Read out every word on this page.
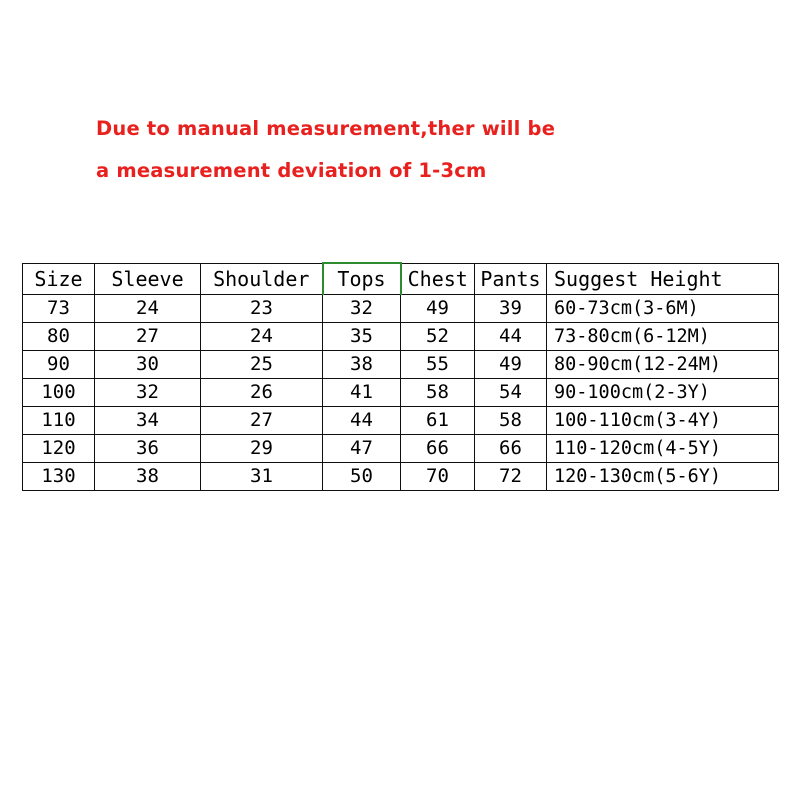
Due to manual measurement,ther will be
a measurement deviation of 1-3cm
Size	Sleeve	Shoulder	Tops	Chest	Pants	Suggest Height
73	24	23	32	49	39	60-73cm(3-6M)
80	27	24	35	52	44	73-80cm(6-12M)
90	30	25	38	55	49	80-90cm(12-24M)
100	32	26	41	58	54	90-100cm(2-3Y)
110	34	27	44	61	58	100-110cm(3-4Y)
120	36	29	47	66	66	110-120cm(4-5Y)
130	38	31	50	70	72	120-130cm(5-6Y)
